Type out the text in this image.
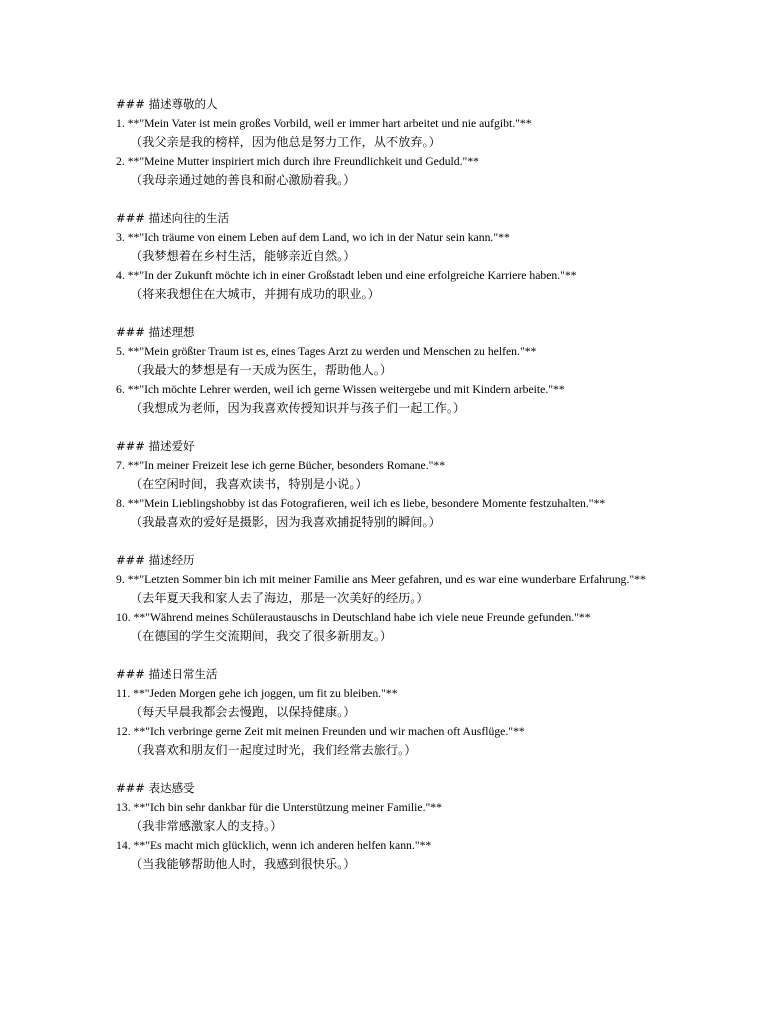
### 描述尊敬的人
1. **"Mein Vater ist mein großes Vorbild, weil er immer hart arbeitet und nie aufgibt."**
（我父亲是我的榜样，因为他总是努力工作，从不放弃。）
2. **"Meine Mutter inspiriert mich durch ihre Freundlichkeit und Geduld."**
（我母亲通过她的善良和耐心激励着我。）
### 描述向往的生活
3. **"Ich träume von einem Leben auf dem Land, wo ich in der Natur sein kann."**
（我梦想着在乡村生活，能够亲近自然。）
4. **"In der Zukunft möchte ich in einer Großstadt leben und eine erfolgreiche Karriere haben."**
（将来我想住在大城市，并拥有成功的职业。）
### 描述理想
5. **"Mein größter Traum ist es, eines Tages Arzt zu werden und Menschen zu helfen."**
（我最大的梦想是有一天成为医生，帮助他人。）
6. **"Ich möchte Lehrer werden, weil ich gerne Wissen weitergebe und mit Kindern arbeite."**
（我想成为老师，因为我喜欢传授知识并与孩子们一起工作。）
### 描述爱好
7. **"In meiner Freizeit lese ich gerne Bücher, besonders Romane."**
（在空闲时间，我喜欢读书，特别是小说。）
8. **"Mein Lieblingshobby ist das Fotografieren, weil ich es liebe, besondere Momente festzuhalten."**
（我最喜欢的爱好是摄影，因为我喜欢捕捉特别的瞬间。）
### 描述经历
9. **"Letzten Sommer bin ich mit meiner Familie ans Meer gefahren, und es war eine wunderbare Erfahrung."**
（去年夏天我和家人去了海边，那是一次美好的经历。）
10. **"Während meines Schüleraustauschs in Deutschland habe ich viele neue Freunde gefunden."**
（在德国的学生交流期间，我交了很多新朋友。）
### 描述日常生活
11. **"Jeden Morgen gehe ich joggen, um fit zu bleiben."**
（每天早晨我都会去慢跑，以保持健康。）
12. **"Ich verbringe gerne Zeit mit meinen Freunden und wir machen oft Ausflüge."**
（我喜欢和朋友们一起度过时光，我们经常去旅行。）
### 表达感受
13. **"Ich bin sehr dankbar für die Unterstützung meiner Familie."**
（我非常感激家人的支持。）
14. **"Es macht mich glücklich, wenn ich anderen helfen kann."**
（当我能够帮助他人时，我感到很快乐。）
